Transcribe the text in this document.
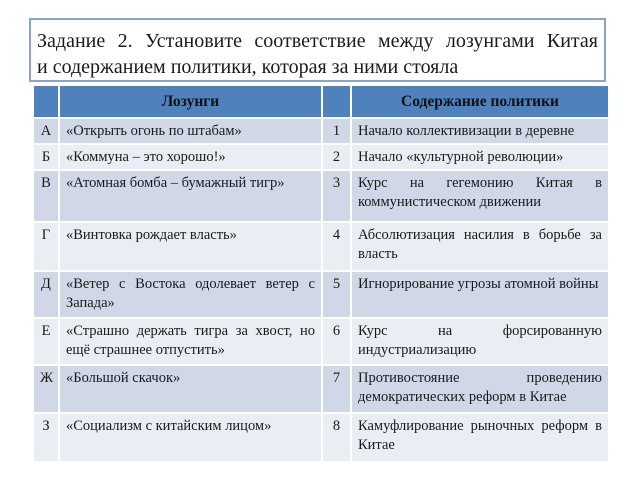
Задание 2. Установите соответствие между лозунгами Китая
и содержанием политики, которая за ними стояла
	Лозунги		Содержание политики
А	«Открыть огонь по штабам»	1	Начало коллективизации в деревне
Б	«Коммуна – это хорошо!»	2	Начало «культурной революции»
В	«Атомная бомба – бумажный тигр»	3	Курс на гегемонию Китая в коммунистическом движении
Г	«Винтовка рождает власть»	4	Абсолютизация насилия в борьбе за власть
Д	«Ветер с Востока одолевает ветер с Запада»	5	Игнорирование угрозы атомной войны
Е	«Страшно держать тигра за хвост, но ещё страшнее отпустить»	6	Курс на форсированную индустриализацию
Ж	«Большой скачок»	7	Противостояние проведению демократических реформ в Китае
З	«Социализм с китайским лицом»	8	Камуфлирование рыночных реформ в Китае
